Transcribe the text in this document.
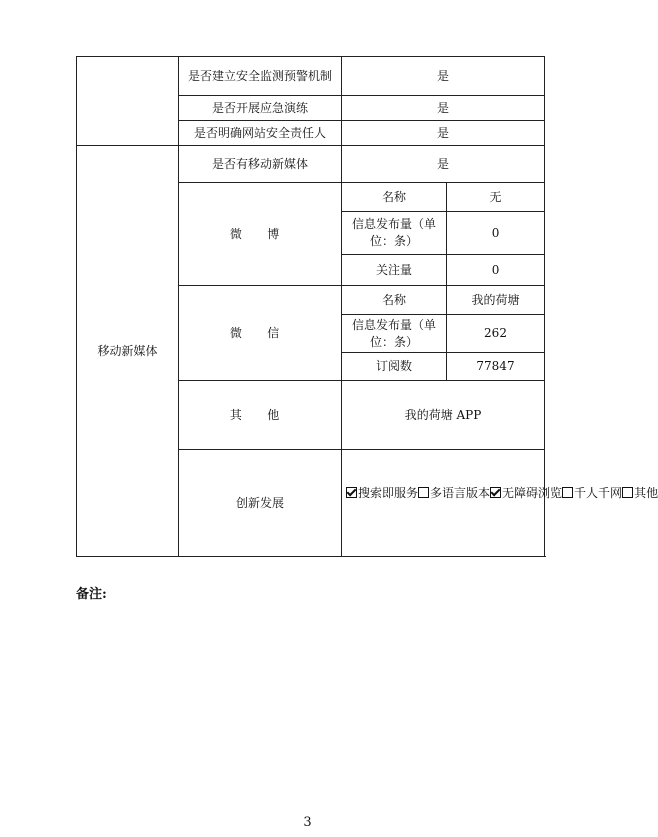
	是否建立安全监测预警机制	是	
	是否开展应急演练	是	
	是否明确网站安全责任人	是	
移动新媒体	是否有移动新媒体	是	
	微 博	名称	无
		信息发布量（单位：条）	0
		关注量	0
	微 信	名称	我的荷塘
		信息发布量（单位：条）	262
		订阅数	77847
	其 他	我的荷塘 APP	
	创新发展	搜索即服务 多语言版本 无障碍浏览 千人千网 其他	
备注:
3
